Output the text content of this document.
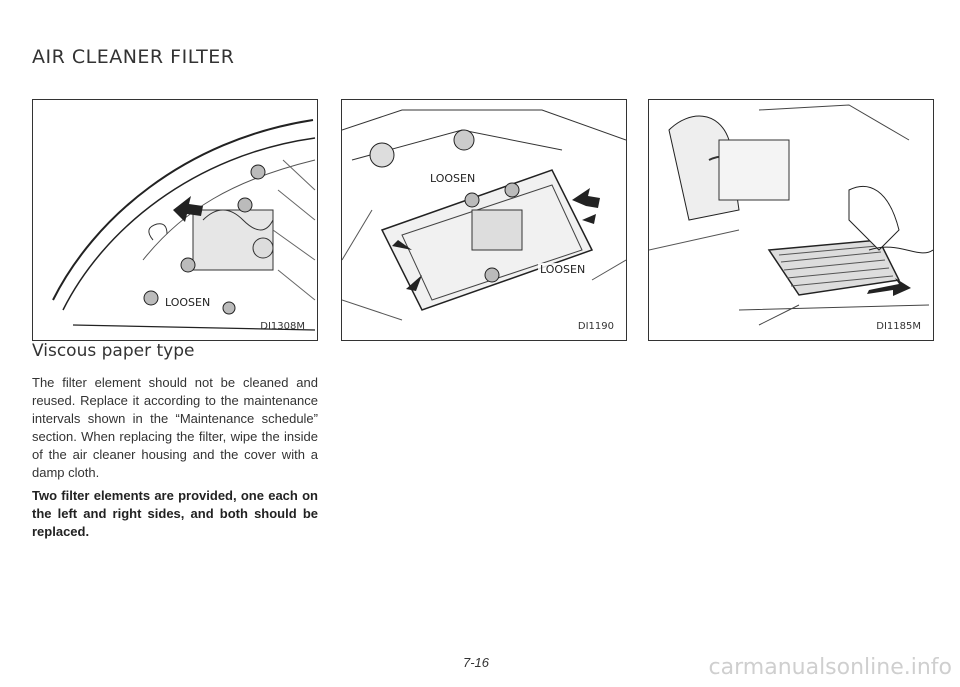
AIR CLEANER FILTER
LOOSEN
DI1308M
LOOSEN
LOOSEN
DI1190	DI1185M
Viscous paper type

The filter element should not be cleaned and reused. Replace it according to the maintenance intervals shown in the “Maintenance schedule” section. When replacing the filter, wipe the inside of the air cleaner housing and the cover with a damp cloth.

Two filter elements are provided, one each on the left and right sides, and both should be replaced.

7-16	carmanualsonline.info
